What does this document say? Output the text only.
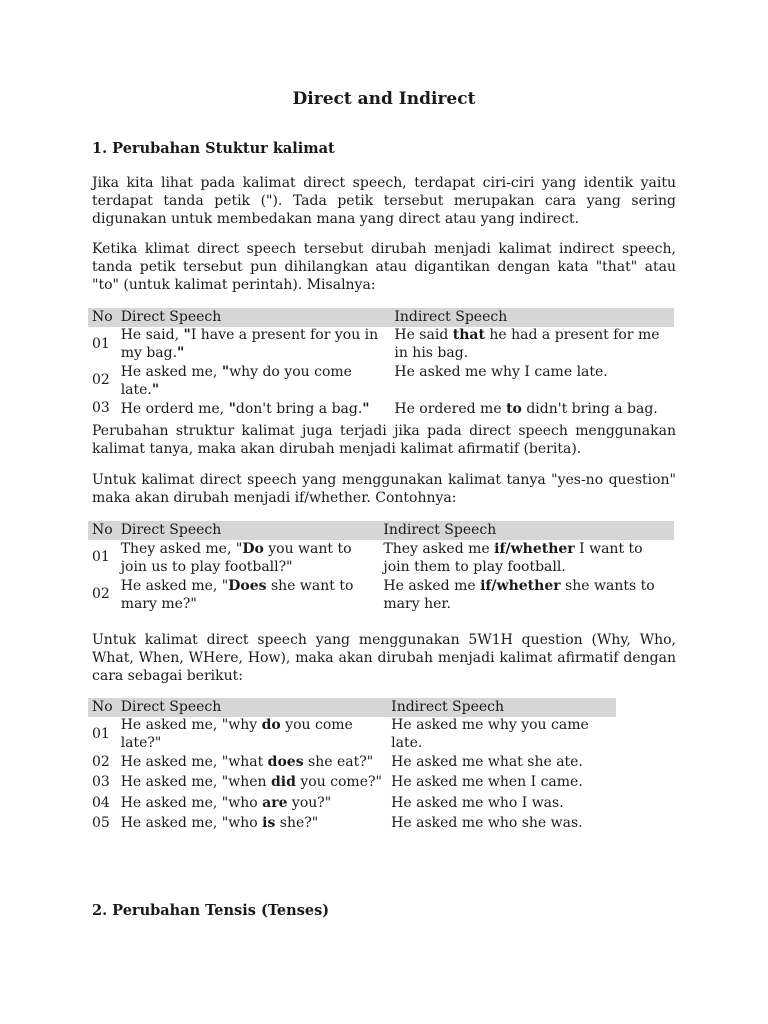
Direct and Indirect
1. Perubahan Stuktur kalimat

Jika kita lihat pada kalimat direct speech, terdapat ciri-ciri yang identik yaitu terdapat tanda petik ("). Tada petik tersebut merupakan cara yang sering digunakan untuk membedakan mana yang direct atau yang indirect.

Ketika klimat direct speech tersebut dirubah menjadi kalimat indirect speech, tanda petik tersebut pun dihilangkan atau digantikan dengan kata "that" atau "to" (untuk kalimat perintah). Misalnya:

No	Direct Speech	Indirect Speech
01	He said, "I have a present for you in my bag."	He said that he had a present for me in his bag.
02	He asked me, "why do you come late."	He asked me why I came late.
03	He orderd me, "don't bring a bag."	He ordered me to didn't bring a bag.

Perubahan struktur kalimat juga terjadi jika pada direct speech menggunakan kalimat tanya, maka akan dirubah menjadi kalimat afirmatif (berita).

Untuk kalimat direct speech yang menggunakan kalimat tanya "yes-no question" maka akan dirubah menjadi if/whether. Contohnya:

No	Direct Speech	Indirect Speech
01	They asked me, "Do you want to join us to play football?"	They asked me if/whether I want to join them to play football.
02	He asked me, "Does she want to mary me?"	He asked me if/whether she wants to mary her.

Untuk kalimat direct speech yang menggunakan 5W1H question (Why, Who, What, When, WHere, How), maka akan dirubah menjadi kalimat afirmatif dengan cara sebagai berikut:

No	Direct Speech	Indirect Speech
01	He asked me, "why do you come late?"	He asked me why you came late.
02	He asked me, "what does she eat?"	He asked me what she ate.
03	He asked me, "when did you come?"	He asked me when I came.
04	He asked me, "who are you?"	He asked me who I was.
05	He asked me, "who is she?"	He asked me who she was.
2. Perubahan Tensis (Tenses)
